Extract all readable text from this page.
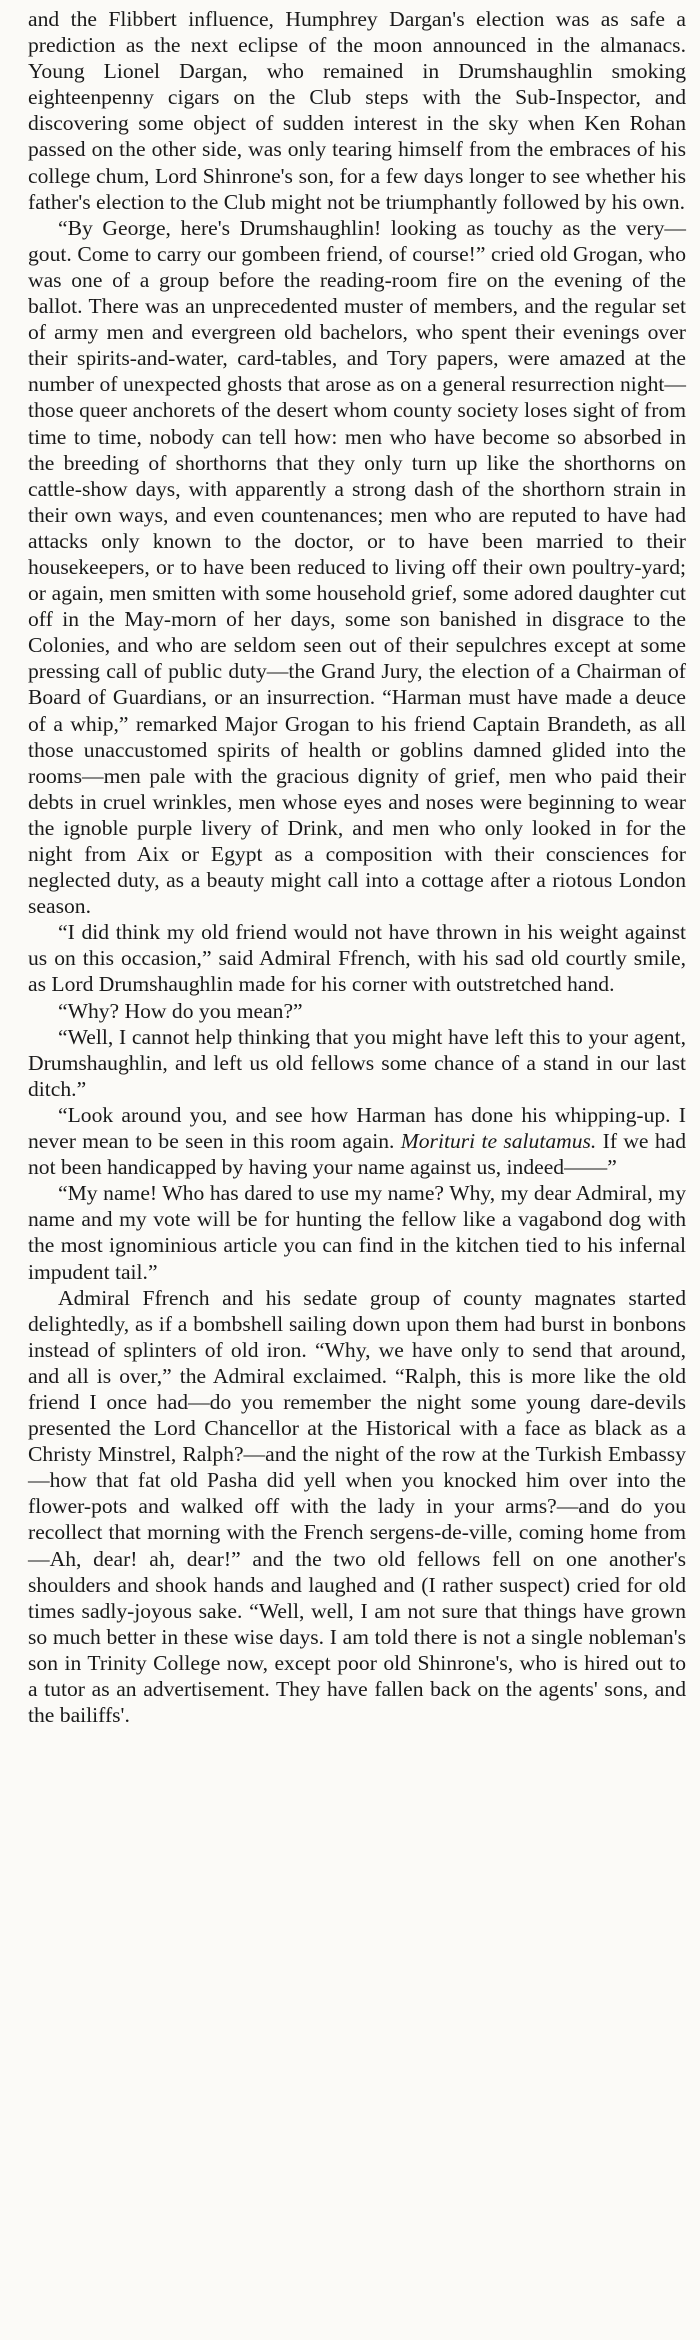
and the Flibbert influence, Humphrey Dargan's election was as safe a prediction as the next eclipse of the moon announced in the almanacs. Young Lionel Dargan, who remained in Drumshaughlin smoking eighteenpenny cigars on the Club steps with the Sub-Inspector, and discovering some object of sudden interest in the sky when Ken Rohan passed on the other side, was only tearing himself from the embraces of his college chum, Lord Shinrone's son, for a few days longer to see whether his father's election to the Club might not be triumphantly followed by his own.

“By George, here's Drumshaughlin! looking as touchy as the very—gout. Come to carry our gombeen friend, of course!” cried old Grogan, who was one of a group before the reading-room fire on the evening of the ballot. There was an unprecedented muster of members, and the regular set of army men and evergreen old bachelors, who spent their evenings over their spirits-and-water, card-tables, and Tory papers, were amazed at the number of unexpected ghosts that arose as on a general resurrection night—those queer anchorets of the desert whom county society loses sight of from time to time, nobody can tell how: men who have become so absorbed in the breeding of shorthorns that they only turn up like the shorthorns on cattle-show days, with apparently a strong dash of the shorthorn strain in their own ways, and even countenances; men who are reputed to have had attacks only known to the doctor, or to have been married to their housekeepers, or to have been reduced to living off their own poultry-yard; or again, men smitten with some household grief, some adored daughter cut off in the May-morn of her days, some son banished in disgrace to the Colonies, and who are seldom seen out of their sepulchres except at some pressing call of public duty—the Grand Jury, the election of a Chairman of Board of Guardians, or an insurrection. “Harman must have made a deuce of a whip,” remarked Major Grogan to his friend Captain Brandeth, as all those unaccustomed spirits of health or goblins damned glided into the rooms—men pale with the gracious dignity of grief, men who paid their debts in cruel wrinkles, men whose eyes and noses were beginning to wear the ignoble purple livery of Drink, and men who only looked in for the night from Aix or Egypt as a composition with their consciences for neglected duty, as a beauty might call into a cottage after a riotous London season.

“I did think my old friend would not have thrown in his weight against us on this occasion,” said Admiral Ffrench, with his sad old courtly smile, as Lord Drumshaughlin made for his corner with outstretched hand.

“Why? How do you mean?”

“Well, I cannot help thinking that you might have left this to your agent, Drumshaughlin, and left us old fellows some chance of a stand in our last ditch.”

“Look around you, and see how Harman has done his whipping-up. I never mean to be seen in this room again. Morituri te salutamus. If we had not been handicapped by having your name against us, indeed——”

“My name! Who has dared to use my name? Why, my dear Admiral, my name and my vote will be for hunting the fellow like a vagabond dog with the most ignominious article you can find in the kitchen tied to his infernal impudent tail.”

Admiral Ffrench and his sedate group of county magnates started delightedly, as if a bombshell sailing down upon them had burst in bonbons instead of splinters of old iron. “Why, we have only to send that around, and all is over,” the Admiral exclaimed. “Ralph, this is more like the old friend I once had—do you remember the night some young dare-devils presented the Lord Chancellor at the Historical with a face as black as a Christy Minstrel, Ralph?—and the night of the row at the Turkish Embassy—how that fat old Pasha did yell when you knocked him over into the flower-pots and walked off with the lady in your arms?—and do you recollect that morning with the French sergens-de-ville, coming home from—Ah, dear! ah, dear!” and the two old fellows fell on one another's shoulders and shook hands and laughed and (I rather suspect) cried for old times sadly-joyous sake. “Well, well, I am not sure that things have grown so much better in these wise days. I am told there is not a single nobleman's son in Trinity College now, except poor old Shinrone's, who is hired out to a tutor as an advertisement. They have fallen back on the agents' sons, and the bailiffs'.
